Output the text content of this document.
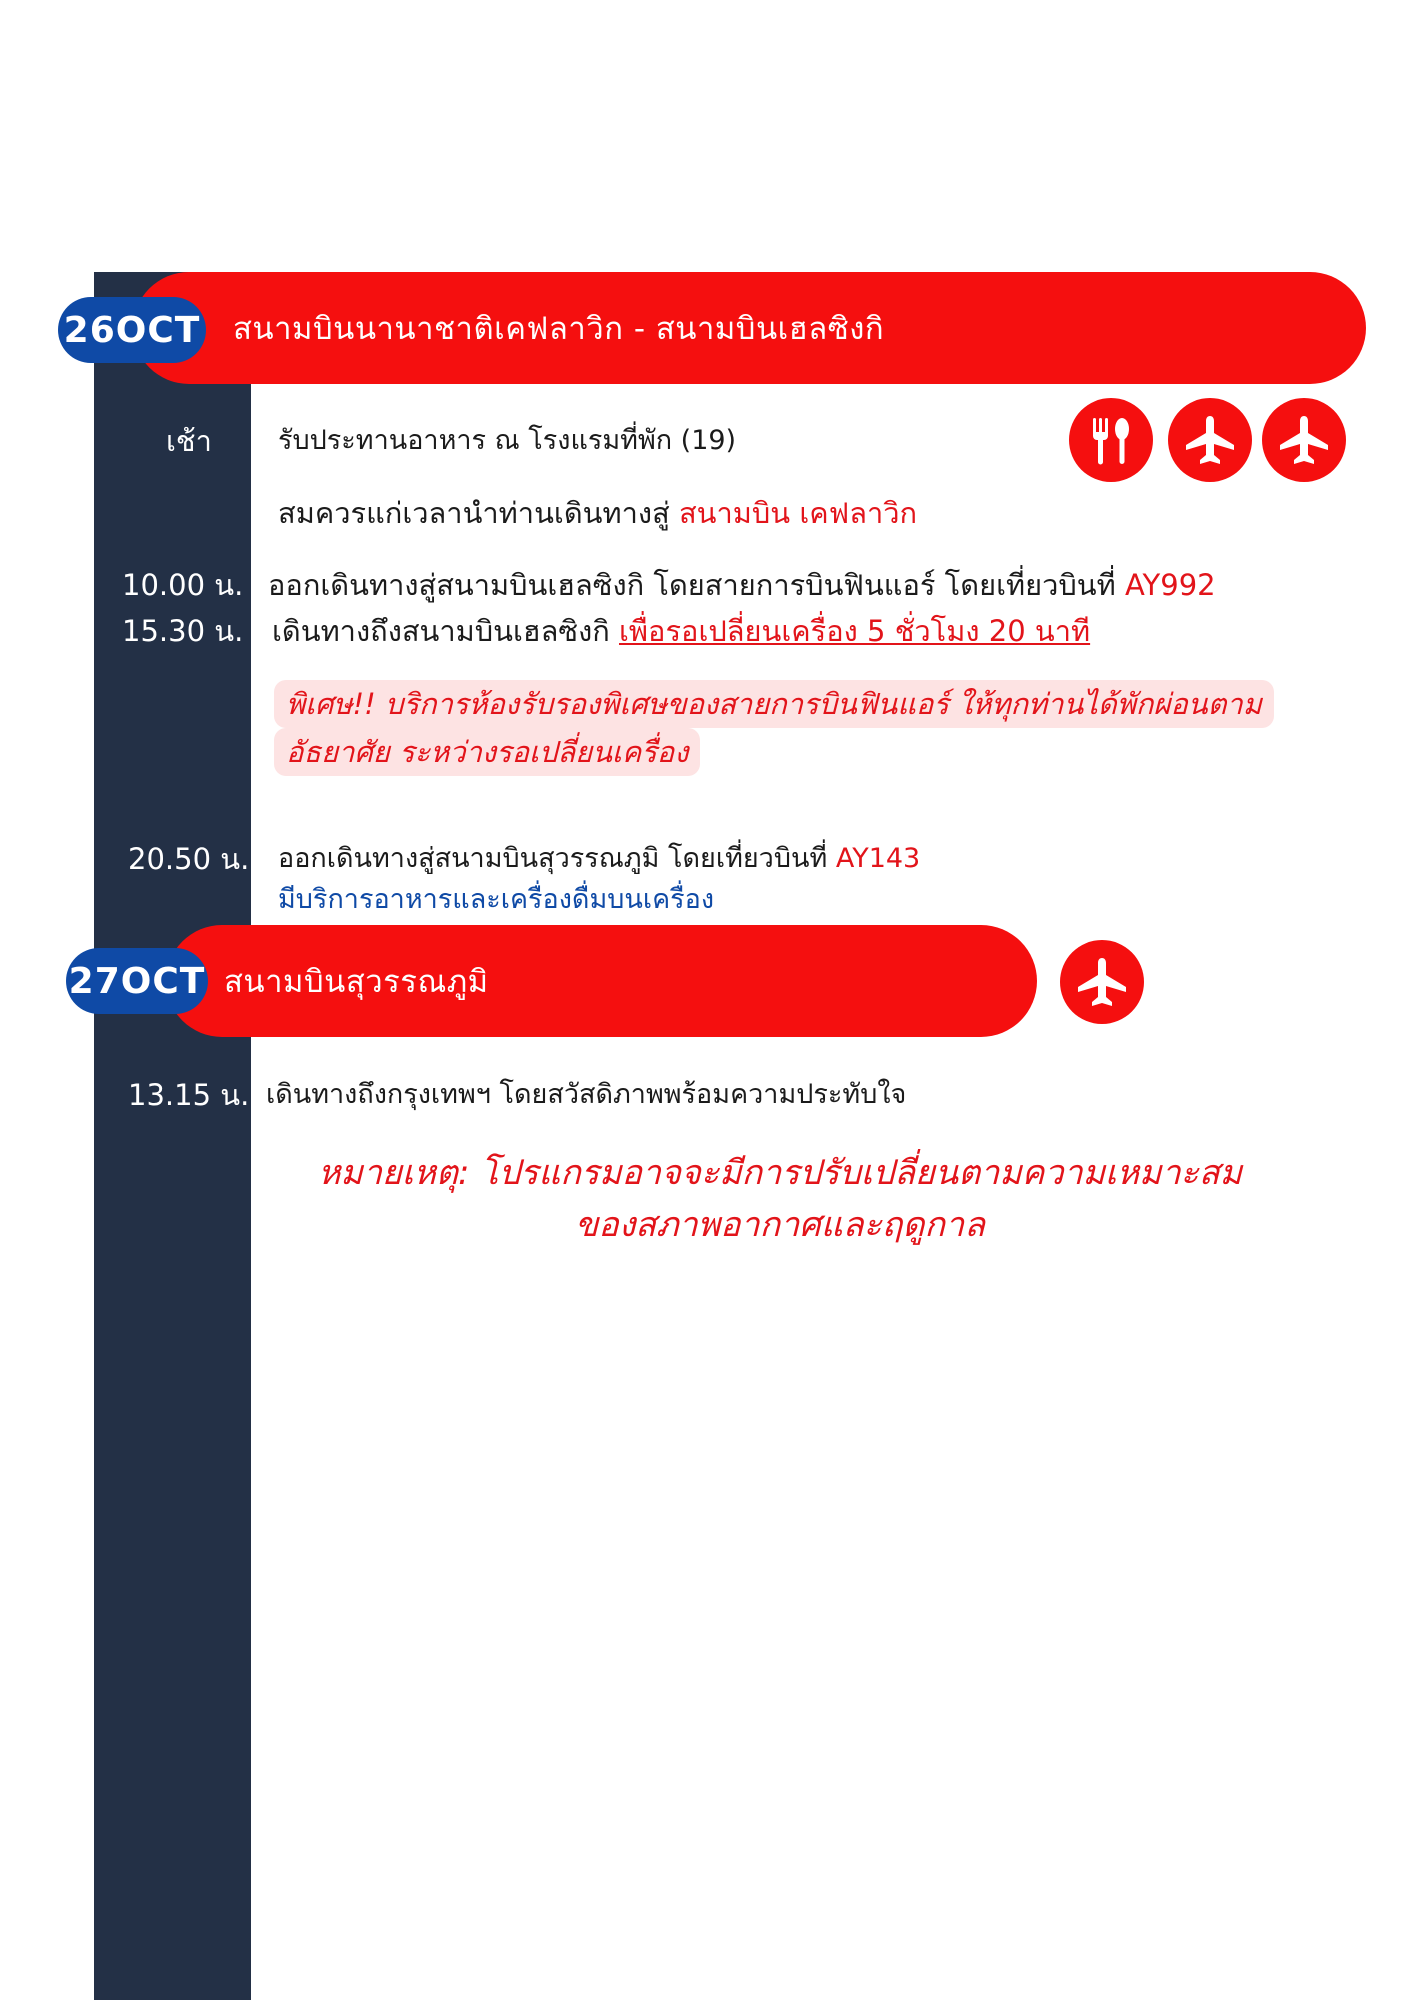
สนามบินนานาชาติเคฟลาวิก - สนามบินเฮลซิงกิ
26OCT
เช้า รับประทานอาหาร ณ โรงแรมที่พัก (19)
สมควรแก่เวลานำท่านเดินทางสู่ สนามบิน เคฟลาวิก
10.00 น. ออกเดินทางสู่สนามบินเฮลซิงกิ โดยสายการบินฟินแอร์ โดยเที่ยวบินที่ AY992
15.30 น. เดินทางถึงสนามบินเฮลซิงกิ เพื่อรอเปลี่ยนเครื่อง 5 ชั่วโมง 20 นาที
พิเศษ!! บริการห้องรับรองพิเศษของสายการบินฟินแอร์ ให้ทุกท่านได้พักผ่อนตาม
อัธยาศัย ระหว่างรอเปลี่ยนเครื่อง
20.50 น. ออกเดินทางสู่สนามบินสุวรรณภูมิ โดยเที่ยวบินที่ AY143
มีบริการอาหารและเครื่องดื่มบนเครื่อง
สนามบินสุวรรณภูมิ
27OCT
13.15 น. เดินทางถึงกรุงเทพฯ โดยสวัสดิภาพพร้อมความประทับใจ
หมายเหตุ: โปรแกรมอาจจะมีการปรับเปลี่ยนตามความเหมาะสม
ของสภาพอากาศและฤดูกาล
